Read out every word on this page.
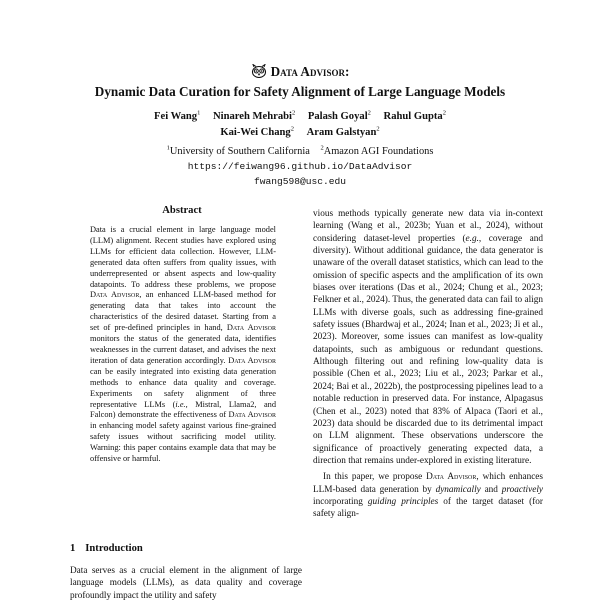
Data Advisor:
Dynamic Data Curation for Safety Alignment of Large Language Models
Fei Wang$^1$ Ninareh Mehrabi$^2$ Palash Goyal$^2$ Rahul Gupta$^2$
Kai-Wei Chang$^2$ Aram Galstyan$^2$
$^1$University of Southern California $^2$Amazon AGI Foundations
https://feiwang96.github.io/DataAdvisor
fwang598@usc.edu
Abstract
Data is a crucial element in large language model (LLM) alignment. Recent studies have explored using LLMs for efficient data collection. However, LLM-generated data often suffers from quality issues, with underrepresented or absent aspects and low-quality datapoints. To address these problems, we propose Data Advisor, an enhanced LLM-based method for generating data that takes into account the characteristics of the desired dataset. Starting from a set of pre-defined principles in hand, Data Advisor monitors the status of the generated data, identifies weaknesses in the current dataset, and advises the next iteration of data generation accordingly. Data Advisor can be easily integrated into existing data generation methods to enhance data quality and coverage. Experiments on safety alignment of three representative LLMs (i.e., Mistral, Llama2, and Falcon) demonstrate the effectiveness of Data Advisor in enhancing model safety against various fine-grained safety issues without sacrificing model utility. Warning: this paper contains example data that may be offensive or harmful.
1 Introduction
Data serves as a crucial element in the alignment of large language models (LLMs), as data quality and coverage profoundly impact the utility and safety

vious methods typically generate new data via in-context learning (Wang et al., 2023b; Yuan et al., 2024), without considering dataset-level properties (e.g., coverage and diversity). Without additional guidance, the data generator is unaware of the overall dataset statistics, which can lead to the omission of specific aspects and the amplification of its own biases over iterations (Das et al., 2024; Chung et al., 2023; Felkner et al., 2024). Thus, the generated data can fail to align LLMs with diverse goals, such as addressing fine-grained safety issues (Bhardwaj et al., 2024; Inan et al., 2023; Ji et al., 2023). Moreover, some issues can manifest as low-quality datapoints, such as ambiguous or redundant questions. Although filtering out and refining low-quality data is possible (Chen et al., 2023; Liu et al., 2023; Parkar et al., 2024; Bai et al., 2022b), the postprocessing pipelines lead to a notable reduction in preserved data. For instance, Alpagasus (Chen et al., 2023) noted that 83% of Alpaca (Taori et al., 2023) data should be discarded due to its detrimental impact on LLM alignment. These observations underscore the significance of proactively generating expected data, a direction that remains under-explored in existing literature.

In this paper, we propose Data Advisor, which enhances LLM-based data generation by dynamically and proactively incorporating guiding principles of the target dataset (for safety align-
